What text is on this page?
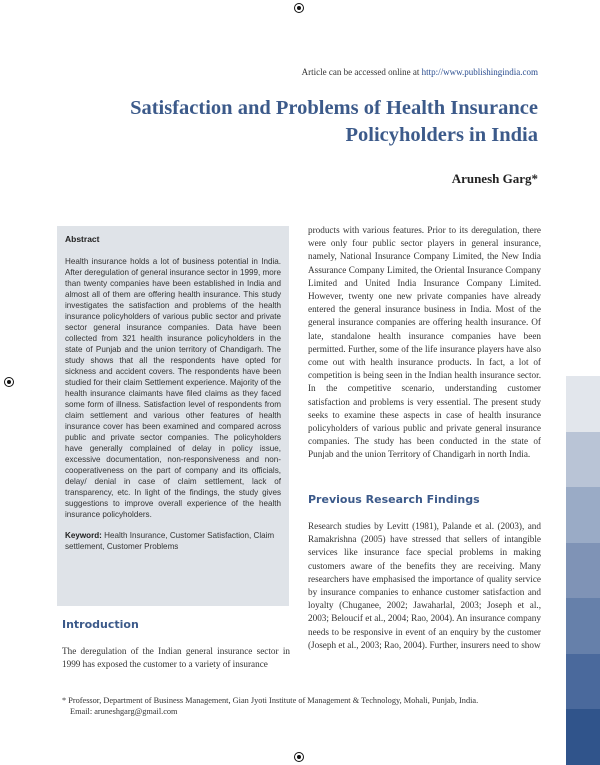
Article can be accessed online at http://www.publishingindia.com
Satisfaction and Problems of Health Insurance Policyholders in India
Arunesh Garg*

Abstract

Health insurance holds a lot of business potential in India. After deregulation of general insurance sector in 1999, more than twenty companies have been established in India and almost all of them are offering health insurance. This study investigates the satisfaction and problems of the health insurance policyholders of various public sector and private sector general insurance companies. Data have been collected from 321 health insurance policyholders in the state of Punjab and the union territory of Chandigarh. The study shows that all the respondents have opted for sickness and accident covers. The respondents have been studied for their claim Settlement experience. Majority of the health insurance claimants have filed claims as they faced some form of illness. Satisfaction level of respondents from claim settlement and various other features of health insurance cover has been examined and compared across public and private sector companies. The policyholders have generally complained of delay in policy issue, excessive documentation, non-responsiveness and non-cooperativeness on the part of company and its officials, delay/ denial in case of claim settlement, lack of transparency, etc. In light of the findings, the study gives suggestions to improve overall experience of the health insurance policyholders.

Keyword: Health Insurance, Customer Satisfaction, Claim settlement, Customer Problems

Introduction

The deregulation of the Indian general insurance sector in 1999 has exposed the customer to a variety of insurance

products with various features. Prior to its deregulation, there were only four public sector players in general insurance, namely, National Insurance Company Limited, the New India Assurance Company Limited, the Oriental Insurance Company Limited and United India Insurance Company Limited. However, twenty one new private companies have already entered the general insurance business in India. Most of the general insurance companies are offering health insurance. Of late, standalone health insurance companies have been permitted. Further, some of the life insurance players have also come out with health insurance products. In fact, a lot of competition is being seen in the Indian health insurance sector. In the competitive scenario, understanding customer satisfaction and problems is very essential. The present study seeks to examine these aspects in case of health insurance policyholders of various public and private general insurance companies. The study has been conducted in the state of Punjab and the union Territory of Chandigarh in north India.

Previous Research Findings

Research studies by Levitt (1981), Palande et al. (2003), and Ramakrishna (2005) have stressed that sellers of intangible services like insurance face special problems in making customers aware of the benefits they are receiving. Many researchers have emphasised the importance of quality service by insurance companies to enhance customer satisfaction and loyalty (Chuganee, 2002; Jawaharlal, 2003; Joseph et al., 2003; Beloucif et al., 2004; Rao, 2004). An insurance company needs to be responsive in event of an enquiry by the customer (Joseph et al., 2003; Rao, 2004). Further, insurers need to show

* Professor, Department of Business Management, Gian Jyoti Institute of Management & Technology, Mohali, Punjab, India.
Email: aruneshgarg@gmail.com
